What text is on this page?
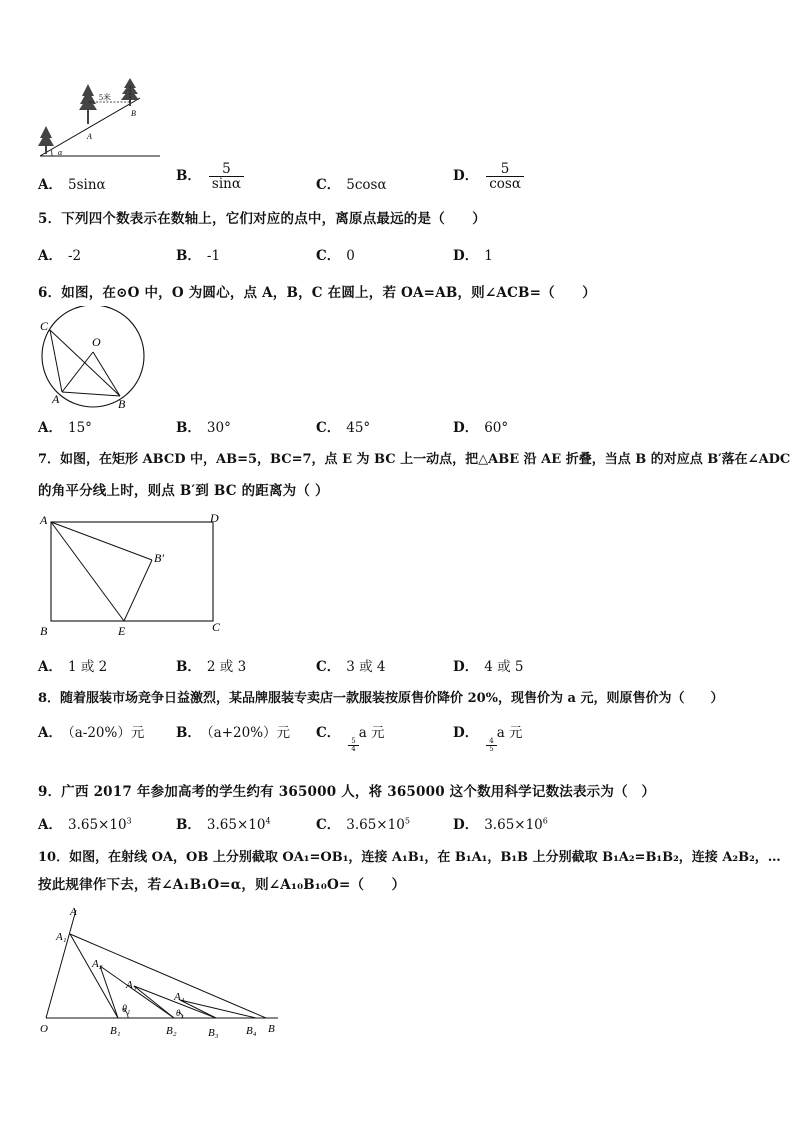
5米
A
B
α
A． 5sinα
B． $\frac{5}{\sin\alpha}$	C． 5cosα
D． $\frac{5}{\cos\alpha}$
5．下列四个数表示在数轴上，它们对应的点中，离原点最远的是（　　）
A． -2	B． -1	C． 0	D． 1
6．如图，在⊙O 中，O 为圆心，点 A，B，C 在圆上，若 OA=AB，则∠ACB=（　　）
C
O
A	B
A． 15°	B． 30°	C． 45°	D． 60°
7．如图，在矩形 ABCD 中，AB=5，BC=7，点 E 为 BC 上一动点，把△ABE 沿 AE 折叠，当点 B 的对应点 B′落在∠ADC
的角平分线上时，则点 B′到 BC 的距离为（ ）
A	D
B′
B	E	C
A． 1 或 2	B． 2 或 3	C． 3 或 4	D． 4 或 5
8．随着服装市场竞争日益激烈，某品牌服装专卖店一款服装按原售价降价 20%，现售价为 a 元，则原售价为（　　）
A． （a-20%）元 B． （a+20%）元 C．
$\frac{5}{4}$
a 元	D．
$\frac{4}{5}$
a 元
9．广西 2017 年参加高考的学生约有 365000 人，将 365000 这个数用科学记数法表示为（　）
A． $3.65\times 10^3$	B． $3.65\times 10^4$	C． $3.65\times 10^5$	D． $3.65\times 10^6$
10．如图，在射线 OA，OB 上分别截取 OA₁=OB₁，连接 A₁B₁，在 B₁A₁，B₁B 上分别截取 B₁A₂=B₁B₂，连接 A₂B₂，…
按此规律作下去，若∠A₁B₁O=α，则∠A₁₀B₁₀O=（　　）
A
A₁
A₂
A₃
A₄
θ₁	θ₂
O	B₁	B₂	B₃ B₄ B
